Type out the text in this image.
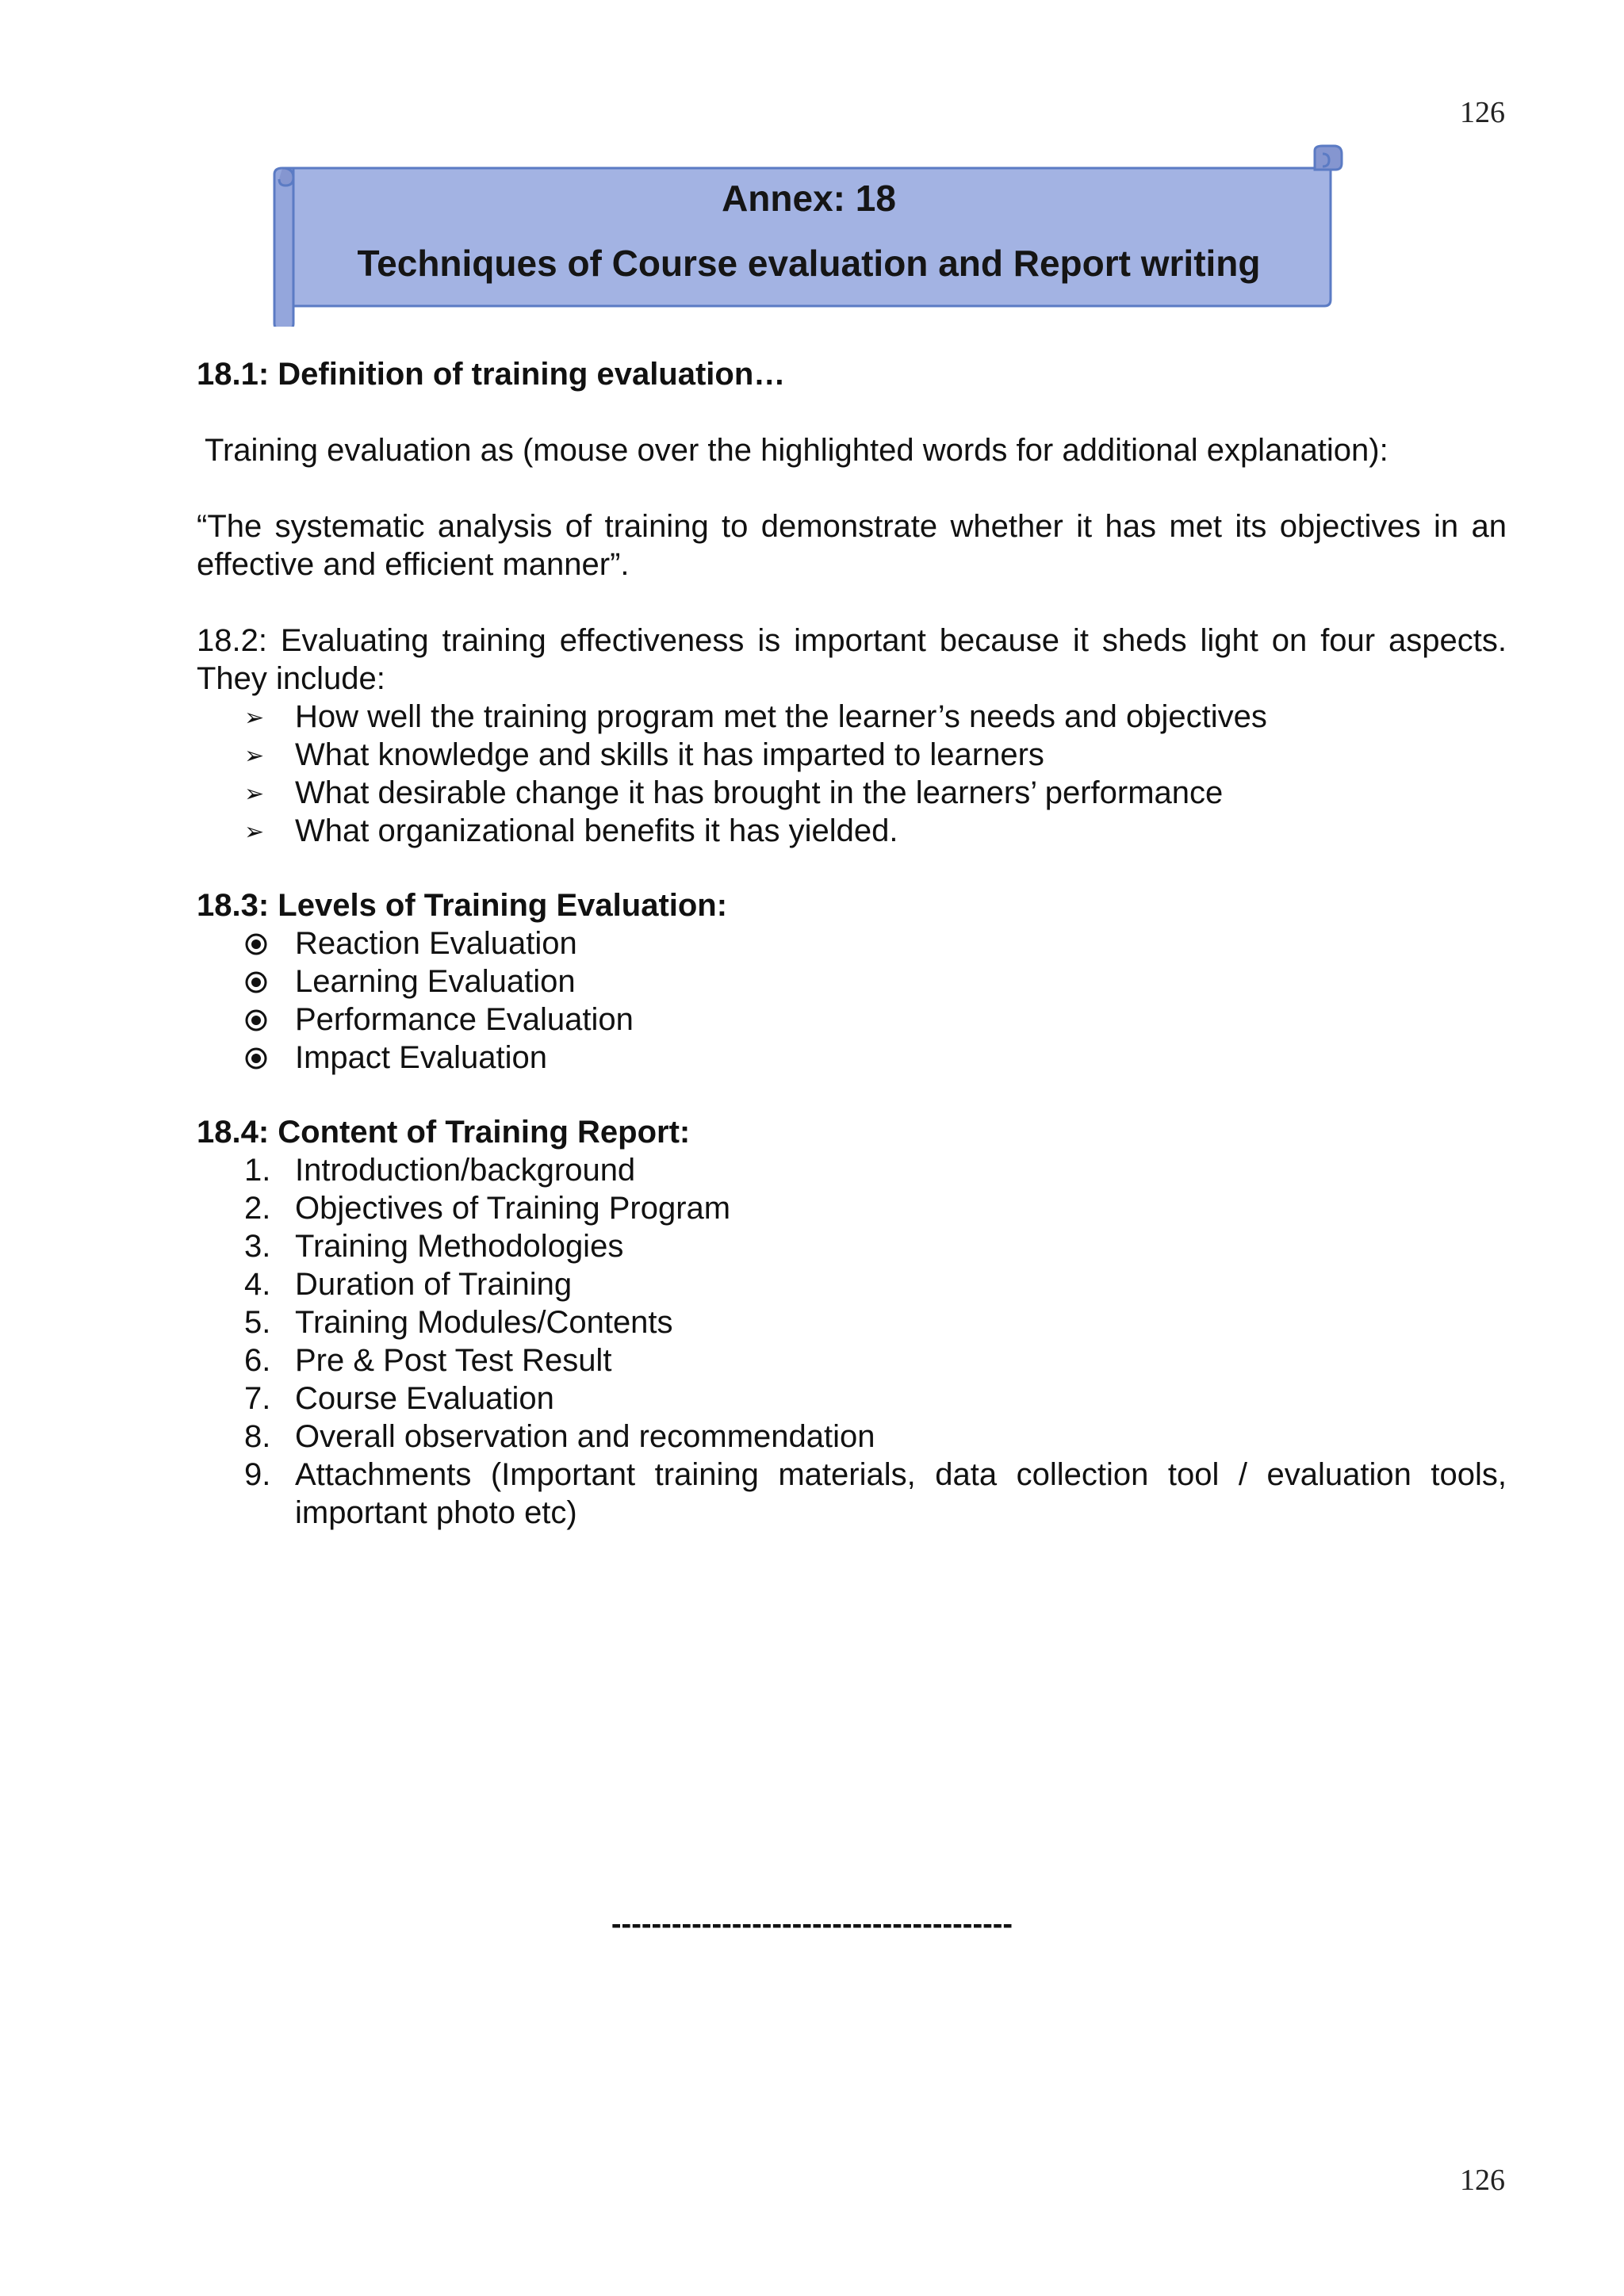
126
Annex: 18
Techniques of Course evaluation and Report writing

18.1: Definition of training evaluation…

Training evaluation as (mouse over the highlighted words for additional explanation):

“The systematic analysis of training to demonstrate whether it has met its objectives in an effective and efficient manner”.

18.2: Evaluating training effectiveness is important because it sheds light on four aspects. They include:

➢ How well the training program met the learner’s needs and objectives
➢ What knowledge and skills it has imparted to learners
➢ What desirable change it has brought in the learners’ performance
➢ What organizational benefits it has yielded.

18.3: Levels of Training Evaluation:

Reaction Evaluation
Learning Evaluation
Performance Evaluation
Impact Evaluation

18.4: Content of Training Report:

1. Introduction/background
2. Objectives of Training Program
3. Training Methodologies
4. Duration of Training
5. Training Modules/Contents
6. Pre & Post Test Result
7. Course Evaluation
8. Overall observation and recommendation
9. Attachments (Important training materials, data collection tool / evaluation tools, important photo etc)
----------------------------------------
126
